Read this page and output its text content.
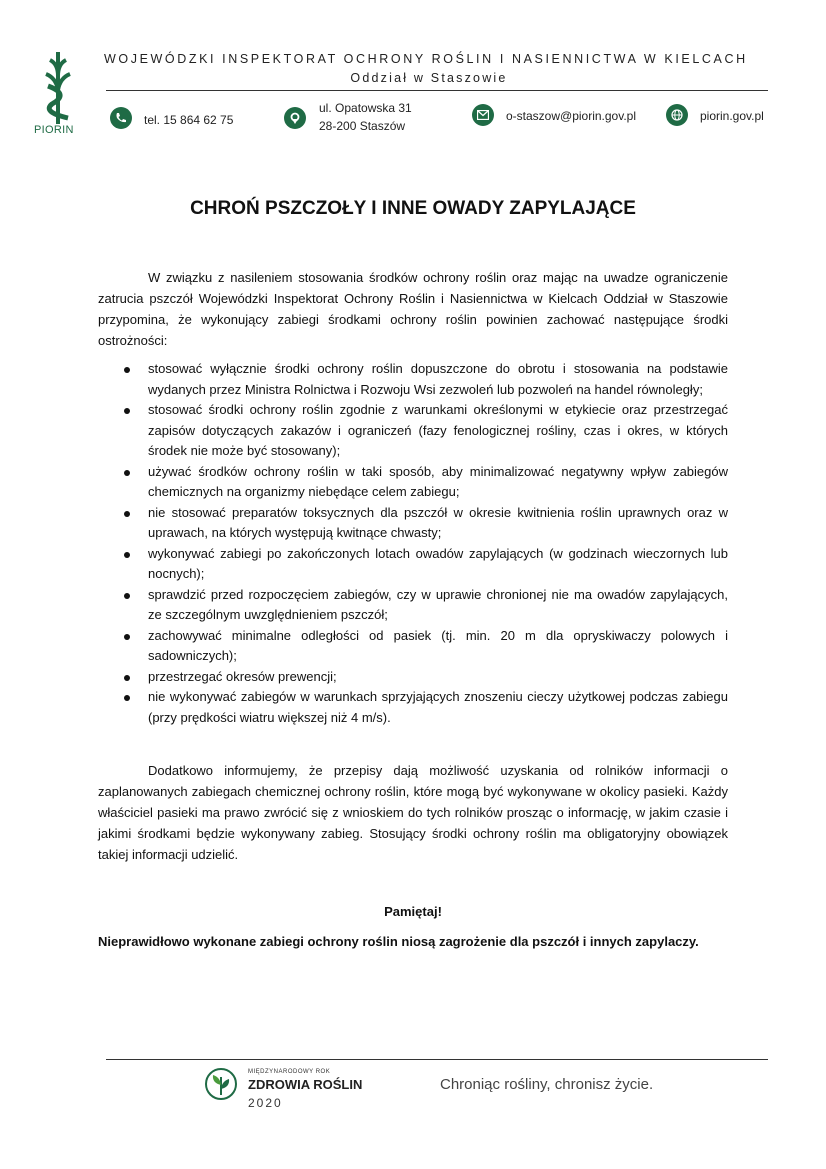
PIORIN
WOJEWÓDZKI INSPEKTORAT OCHRONY ROŚLIN I NASIENNICTWA W KIELCACH
Oddział w Staszowie
tel. 15 864 62 75
ul. Opatowska 31
28-200 Staszów
o-staszow@piorin.gov.pl	piorin.gov.pl
CHROŃ PSZCZOŁY I INNE OWADY ZAPYLAJĄCE
W związku z nasileniem stosowania środków ochrony roślin oraz mając na uwadze ograniczenie zatrucia pszczół Wojewódzki Inspektorat Ochrony Roślin i Nasiennictwa w Kielcach Oddział w Staszowie przypomina, że wykonujący zabiegi środkami ochrony roślin powinien zachować następujące środki ostrożności:
stosować wyłącznie środki ochrony roślin dopuszczone do obrotu i stosowania na podstawie wydanych przez Ministra Rolnictwa i Rozwoju Wsi zezwoleń lub pozwoleń na handel równoległy;
stosować środki ochrony roślin zgodnie z warunkami określonymi w etykiecie oraz przestrzegać zapisów dotyczących zakazów i ograniczeń (fazy fenologicznej rośliny, czas i okres, w których środek nie może być stosowany);
używać środków ochrony roślin w taki sposób, aby minimalizować negatywny wpływ zabiegów chemicznych na organizmy niebędące celem zabiegu;
nie stosować preparatów toksycznych dla pszczół w okresie kwitnienia roślin uprawnych oraz w uprawach, na których występują kwitnące chwasty;
wykonywać zabiegi po zakończonych lotach owadów zapylających (w godzinach wieczornych lub nocnych);
sprawdzić przed rozpoczęciem zabiegów, czy w uprawie chronionej nie ma owadów zapylających, ze szczególnym uwzględnieniem pszczół;
zachowywać minimalne odległości od pasiek (tj. min. 20 m dla opryskiwaczy polowych i sadowniczych);
przestrzegać okresów prewencji;
nie wykonywać zabiegów w warunkach sprzyjających znoszeniu cieczy użytkowej podczas zabiegu (przy prędkości wiatru większej niż 4 m/s).
Dodatkowo informujemy, że przepisy dają możliwość uzyskania od rolników informacji o zaplanowanych zabiegach chemicznej ochrony roślin, które mogą być wykonywane w okolicy pasieki. Każdy właściciel pasieki ma prawo zwrócić się z wnioskiem do tych rolników prosząc o informację, w jakim czasie i jakimi środkami będzie wykonywany zabieg. Stosujący środki ochrony roślin ma obligatoryjny obowiązek takiej informacji udzielić.
Pamiętaj!
Nieprawidłowo wykonane zabiegi ochrony roślin niosą zagrożenie dla pszczół i innych zapylaczy.
MIĘDZYNARODOWY ROK
ZDROWIA ROŚLIN
2020
Chroniąc rośliny, chronisz życie.
